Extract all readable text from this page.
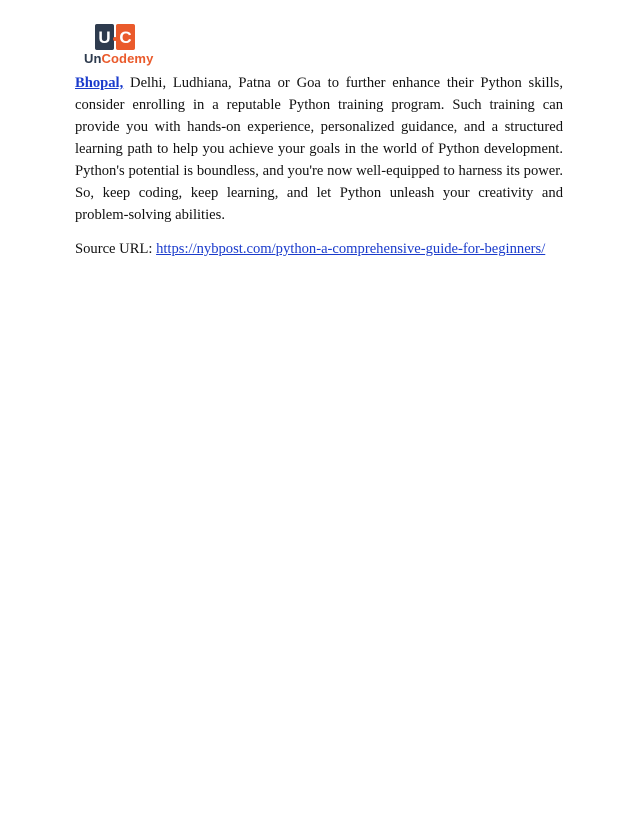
U C
UnCodemy

Bhopal, Delhi, Ludhiana, Patna or Goa to further enhance their Python skills, consider enrolling in a reputable Python training program. Such training can provide you with hands-on experience, personalized guidance, and a structured learning path to help you achieve your goals in the world of Python development. Python's potential is boundless, and you're now well-equipped to harness its power. So, keep coding, keep learning, and let Python unleash your creativity and problem-solving abilities.

Source URL: https://nybpost.com/python-a-comprehensive-guide-for-beginners/
